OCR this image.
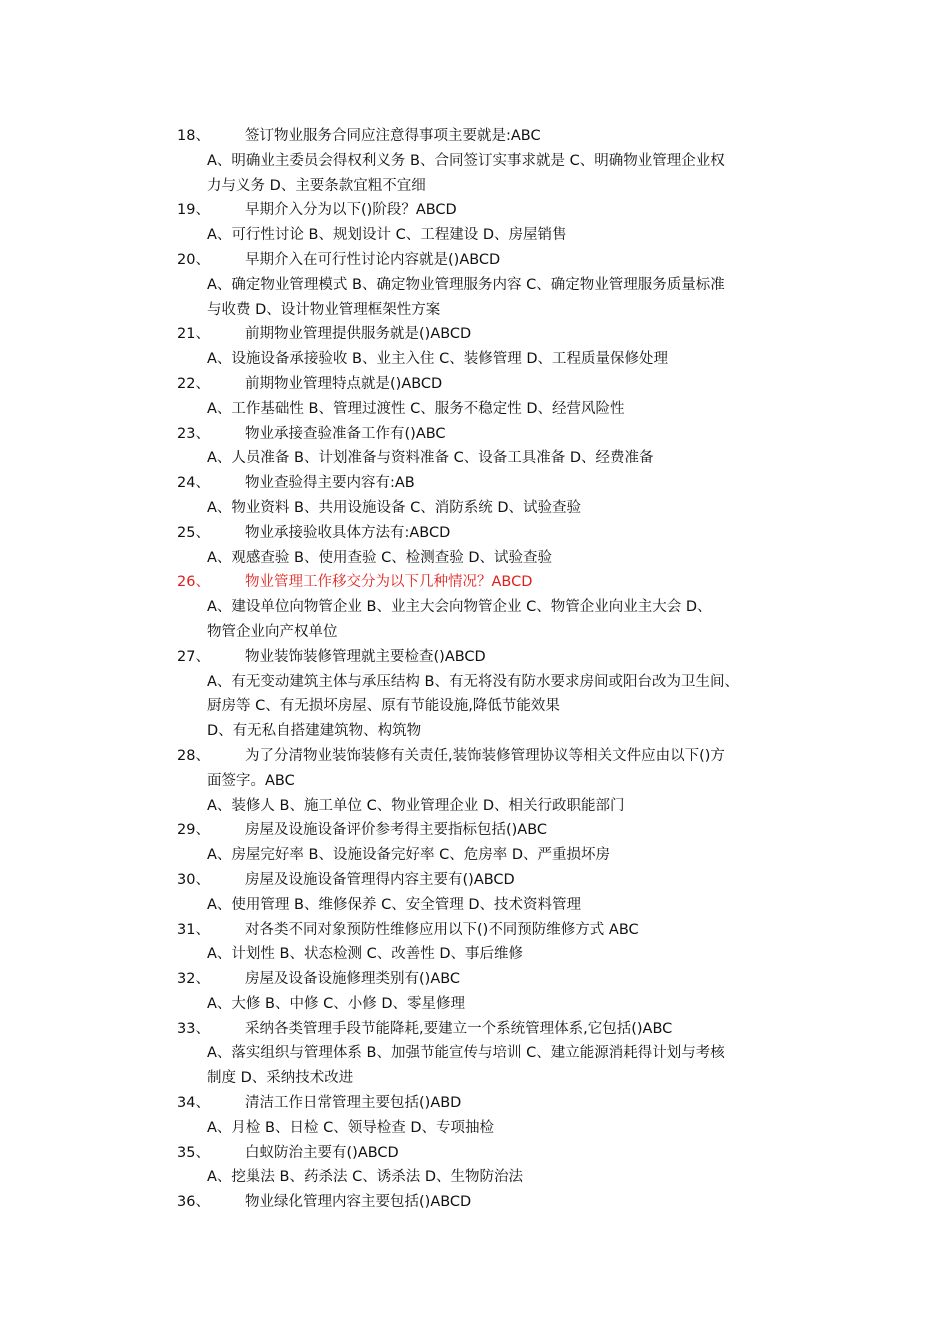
18、	签订物业服务合同应注意得事项主要就是:ABC
A、明确业主委员会得权利义务 B、合同签订实事求就是 C、明确物业管理企业权
力与义务 D、主要条款宜粗不宜细
19、	早期介入分为以下()阶段？ABCD
A、可行性讨论 B、规划设计 C、工程建设 D、房屋销售
20、	早期介入在可行性讨论内容就是()ABCD
A、确定物业管理模式 B、确定物业管理服务内容 C、确定物业管理服务质量标准
与收费 D、设计物业管理框架性方案
21、	前期物业管理提供服务就是()ABCD
A、设施设备承接验收 B、业主入住 C、装修管理 D、工程质量保修处理
22、	前期物业管理特点就是()ABCD
A、工作基础性 B、管理过渡性 C、服务不稳定性 D、经营风险性
23、	物业承接查验准备工作有()ABC
A、人员准备 B、计划准备与资料准备 C、设备工具准备 D、经费准备
24、	物业查验得主要内容有:AB
A、物业资料 B、共用设施设备 C、消防系统 D、试验查验
25、	物业承接验收具体方法有:ABCD
A、观感查验 B、使用查验 C、检测查验 D、试验查验
26、	物业管理工作移交分为以下几种情况？ABCD
A、建设单位向物管企业 B、业主大会向物管企业 C、物管企业向业主大会 D、
物管企业向产权单位
27、	物业装饰装修管理就主要检查()ABCD
A、有无变动建筑主体与承压结构 B、有无将没有防水要求房间或阳台改为卫生间、
厨房等 C、有无损坏房屋、原有节能设施,降低节能效果
D、有无私自搭建建筑物、构筑物
28、	为了分清物业装饰装修有关责任,装饰装修管理协议等相关文件应由以下()方
面签字。ABC
A、装修人 B、施工单位 C、物业管理企业 D、相关行政职能部门
29、	房屋及设施设备评价参考得主要指标包括()ABC
A、房屋完好率 B、设施设备完好率 C、危房率 D、严重损坏房
30、	房屋及设施设备管理得内容主要有()ABCD
A、使用管理 B、维修保养 C、安全管理 D、技术资料管理
31、	对各类不同对象预防性维修应用以下()不同预防维修方式 ABC
A、计划性 B、状态检测 C、改善性 D、事后维修
32、	房屋及设备设施修理类别有()ABC
A、大修 B、中修 C、小修 D、零星修理
33、	采纳各类管理手段节能降耗,要建立一个系统管理体系,它包括()ABC
A、落实组织与管理体系 B、加强节能宣传与培训 C、建立能源消耗得计划与考核
制度 D、采纳技术改进
34、	清洁工作日常管理主要包括()ABD
A、月检 B、日检 C、领导检查 D、专项抽检
35、	白蚁防治主要有()ABCD
A、挖巢法 B、药杀法 C、诱杀法 D、生物防治法
36、	物业绿化管理内容主要包括()ABCD
